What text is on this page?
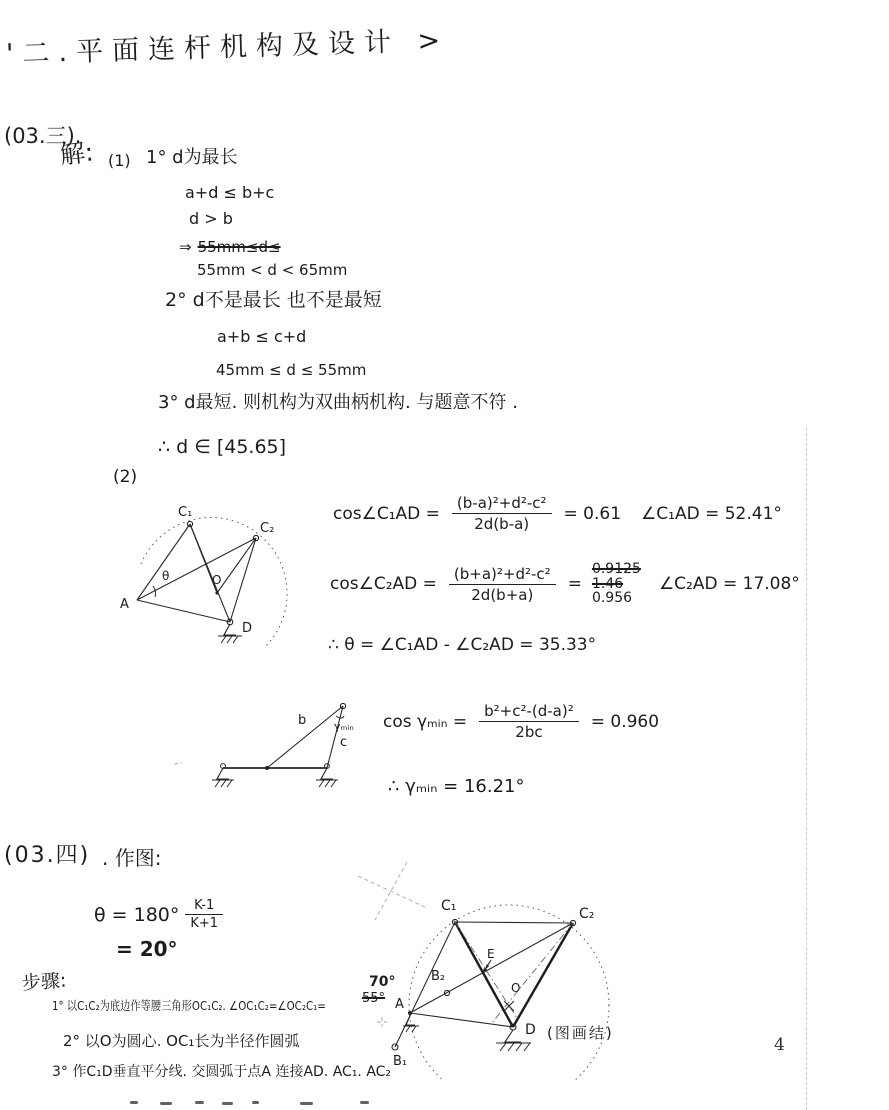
'二.平面连杆机构及设计 >
(03.三).
解: (1) 1° d为最长
a+d ≤ b+c
d > b
⇒ 55mm≤d≤
55mm < d < 65mm
2° d不是最长 也不是最短
a+b ≤ c+d
45mm ≤ d ≤ 55mm
3° d最短. 则机构为双曲柄机构. 与题意不符 .
∴ d ∈ [45.65]
(2)
C₁
C₂
A
D
O
θ
cos∠C₁AD = $\frac{\text{(b-a)²+d²-c²}}{2d(b-a)} = 0.61$ ∠C₁AD = 52.41°
cos∠C₂AD = $\frac{\text{(b+a)²+d²-c²}}{2d(b+a)}$ =
0.9125
1.46
0.956
∠C₂AD = 17.08°
∴ θ = ∠C₁AD - ∠C₂AD = 35.33°
b	γₘᵢₙ
c
cos γₘᵢₙ = $\frac{\text{b²+c²-(d-a)²}}{2bc} = 0.960$
∴ γₘᵢₙ = 16.21°
(03.四) . 作图:
$\theta = 180^\circ \frac{K-1}{K+1}$
= 20°
步骤:
1° 以C₁C₂为底边作等腰三角形OC₁C₂. ∠OC₁C₂=∠OC₂C₁=
70°
55°
2° 以O为圆心. OC₁长为半径作圆弧
3° 作C₁D垂直平分线. 交圆弧于点A 连接AD. AC₁. AC₂
C₁	C₂
A
D
O
E
B₂
B₁
(图画结)
4
